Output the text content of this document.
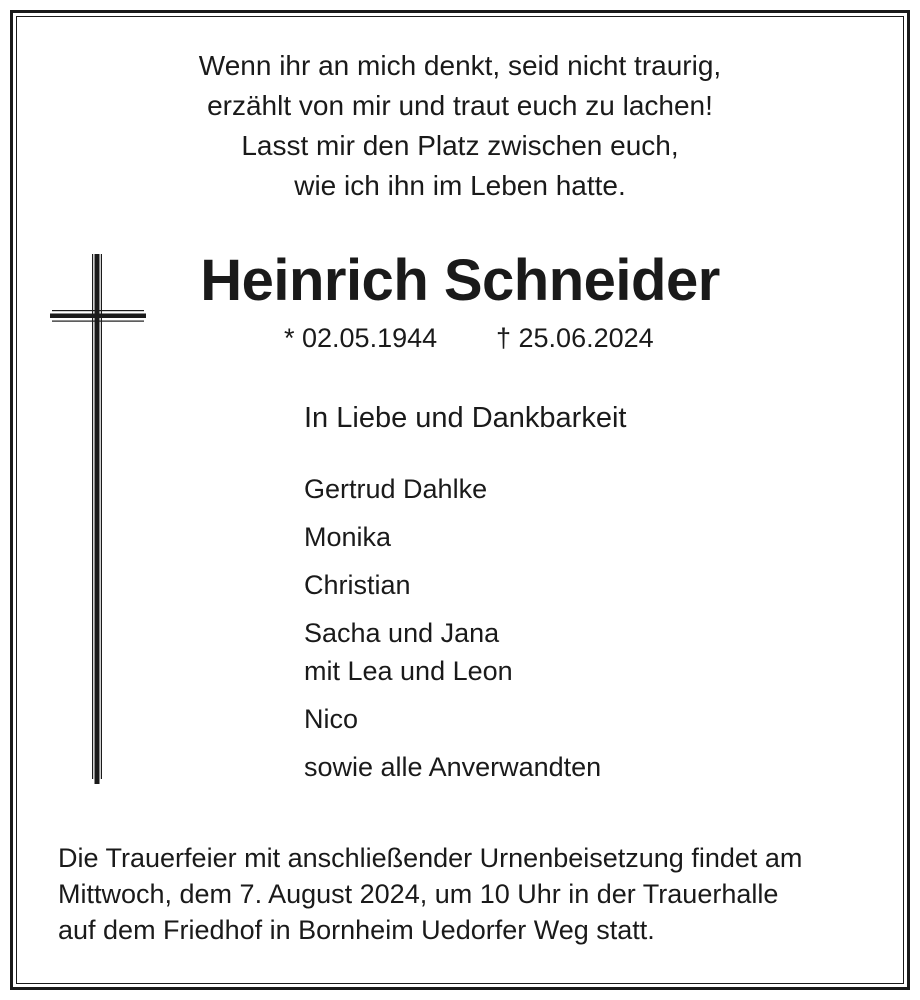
Wenn ihr an mich denkt, seid nicht traurig,
erzählt von mir und traut euch zu lachen!
Lasst mir den Platz zwischen euch,
wie ich ihn im Leben hatte.
Heinrich Schneider
* 02.05.1944 † 25.06.2024
In Liebe und Dankbarkeit
Gertrud Dahlke
Monika
Christian
Sacha und Jana
mit Lea und Leon
Nico
sowie alle Anverwandten
Die Trauerfeier mit anschließender Urnenbeisetzung findet am
Mittwoch, dem 7. August 2024, um 10 Uhr in der Trauerhalle
auf dem Friedhof in Bornheim Uedorfer Weg statt.
